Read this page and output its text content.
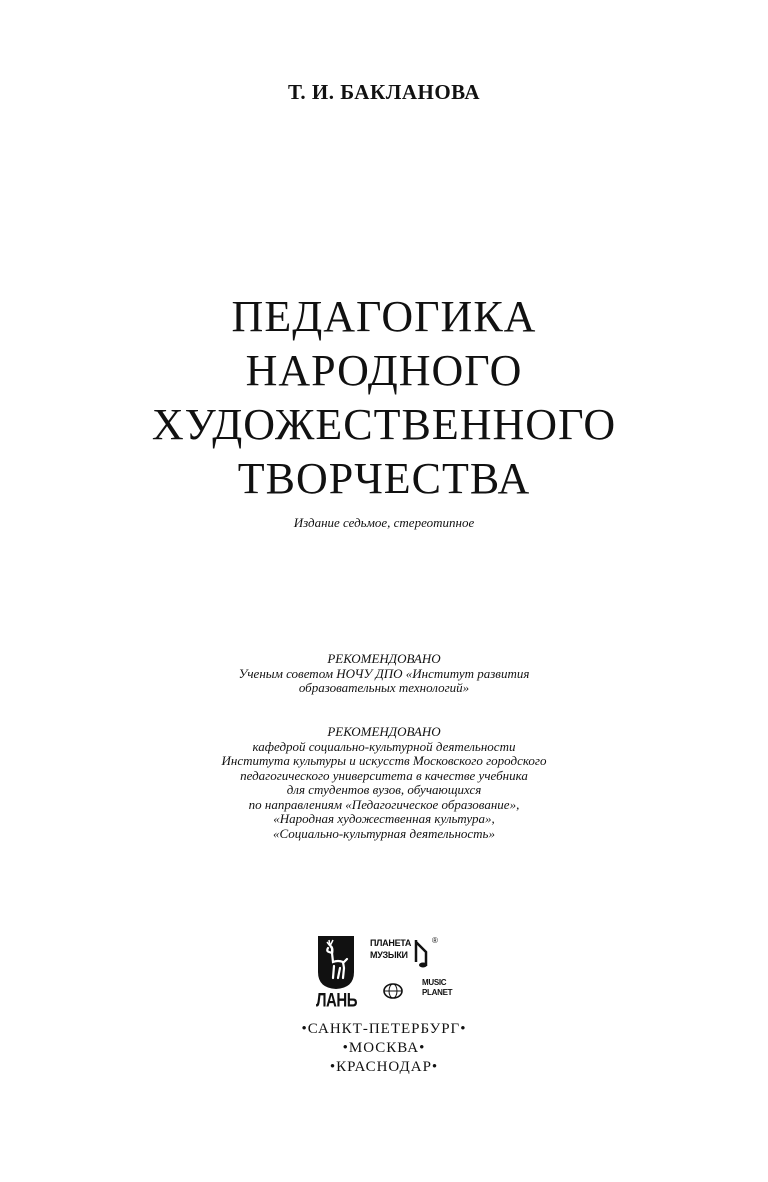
Т. И. БАКЛАНОВА
ПЕДАГОГИКА
НАРОДНОГО
ХУДОЖЕСТВЕННОГО
ТВОРЧЕСТВА
Издание седьмое, стереотипное
РЕКОМЕНДОВАНО
Ученым советом НОЧУ ДПО «Институт развития
образовательных технологий»
РЕКОМЕНДОВАНО
кафедрой социально-культурной деятельности
Института культуры и искусств Московского городского
педагогического университета в качестве учебника
для студентов вузов, обучающихся
по направлениям «Педагогическое образование»,
«Народная художественная культура»,
«Социально-культурная деятельность»
ЛАНЬ
ПЛАНЕТА
МУЗЫКИ
®
MUSIC
PLANET
•САНКТ-ПЕТЕРБУРГ•
•МОСКВА•
•КРАСНОДАР•
